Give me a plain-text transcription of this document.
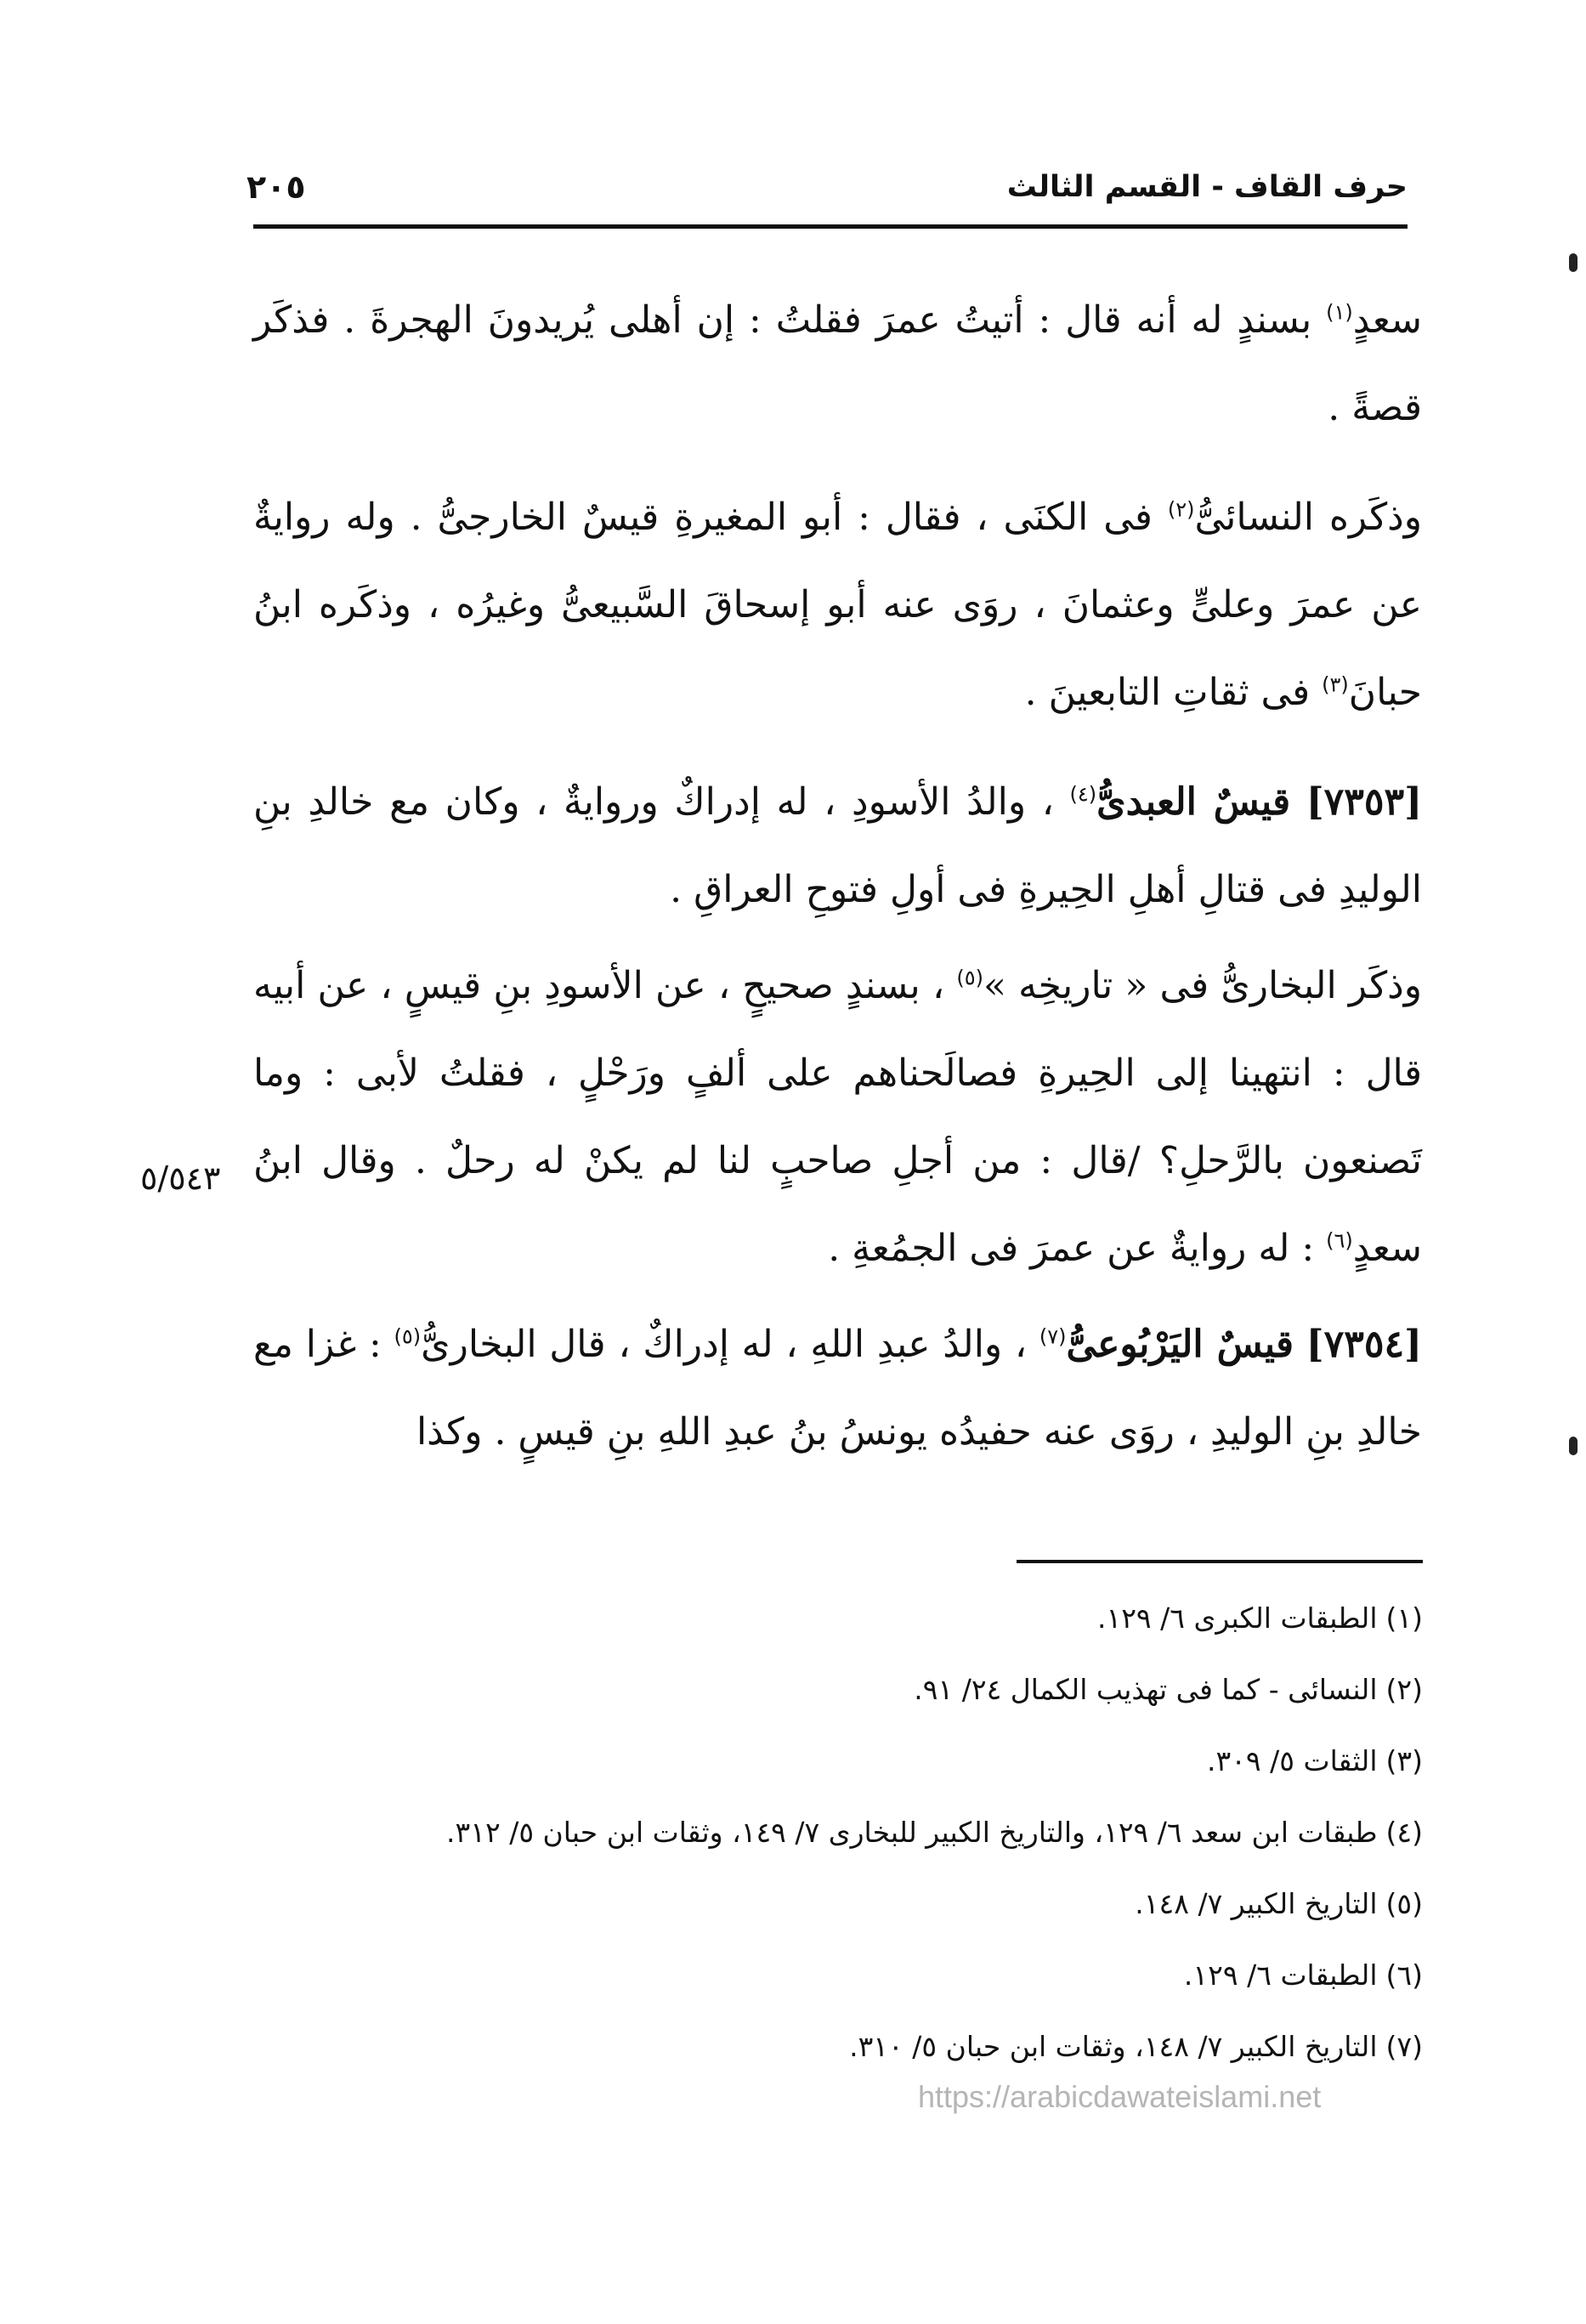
حرف القاف - القسم الثالث
٢٠٥

سعدٍ$^{(١)}$ بسندٍ له أنه قال : أتيتُ عمرَ فقلتُ : إن أهلى يُريدونَ الهجرةَ . فذكَر قصةً .

وذكَره النسائىُّ$^{(٢)}$ فى الكنَى ، فقال : أبو المغيرةِ قيسٌ الخارجىُّ . وله روايةٌ عن عمرَ وعلىٍّ وعثمانَ ، روَى عنه أبو إسحاقَ السَّبيعىُّ وغيرُه ، وذكَره ابنُ حبانَ$^{(٣)}$ فى ثقاتِ التابعينَ .

[٧٣٥٣] قيسٌ العبدىُّ$^{(٤)}$ ، والدُ الأسودِ ، له إدراكٌ وروايةٌ ، وكان مع خالدِ بنِ الوليدِ فى قتالِ أهلِ الحِيرةِ فى أولِ فتوحِ العراقِ .

وذكَر البخارىُّ فى « تاريخِه »$^{(٥)}$ ، بسندٍ صحيحٍ ، عن الأسودِ بنِ قيسٍ ، عن أبيه قال : انتهينا إلى الحِيرةِ فصالَحناهم على ألفٍ ورَحْلٍ ، فقلتُ لأبى : وما تَصنعون بالرَّحلِ؟ /قال : من أجلِ صاحبٍ لنا لم يكنْ له رحلٌ . وقال ابنُ سعدٍ$^{(٦)}$ : له روايةٌ عن عمرَ فى الجمُعةِ .

[٧٣٥٤] قيسٌ اليَرْبُوعىُّ$^{(٧)}$ ، والدُ عبدِ اللهِ ، له إدراكٌ ، قال البخارىُّ$^{(٥)}$ : غزا مع خالدِ بنِ الوليدِ ، روَى عنه حفيدُه يونسُ بنُ عبدِ اللهِ بنِ قيسٍ . وكذا

٥/٥٤٣
(١)الطبقات الكبرى ٦/ ١٢٩.
(٢)النسائى - كما فى تهذيب الكمال ٢٤/ ٩١.
(٣)الثقات ٥/ ٣٠٩.
(٤)طبقات ابن سعد ٦/ ١٢٩، والتاريخ الكبير للبخارى ٧/ ١٤٩، وثقات ابن حبان ٥/ ٣١٢.
(٥)التاريخ الكبير ٧/ ١٤٨.
(٦)الطبقات ٦/ ١٢٩.
(٧)التاريخ الكبير ٧/ ١٤٨، وثقات ابن حبان ٥/ ٣١٠.
https://arabicdawateislami.net
